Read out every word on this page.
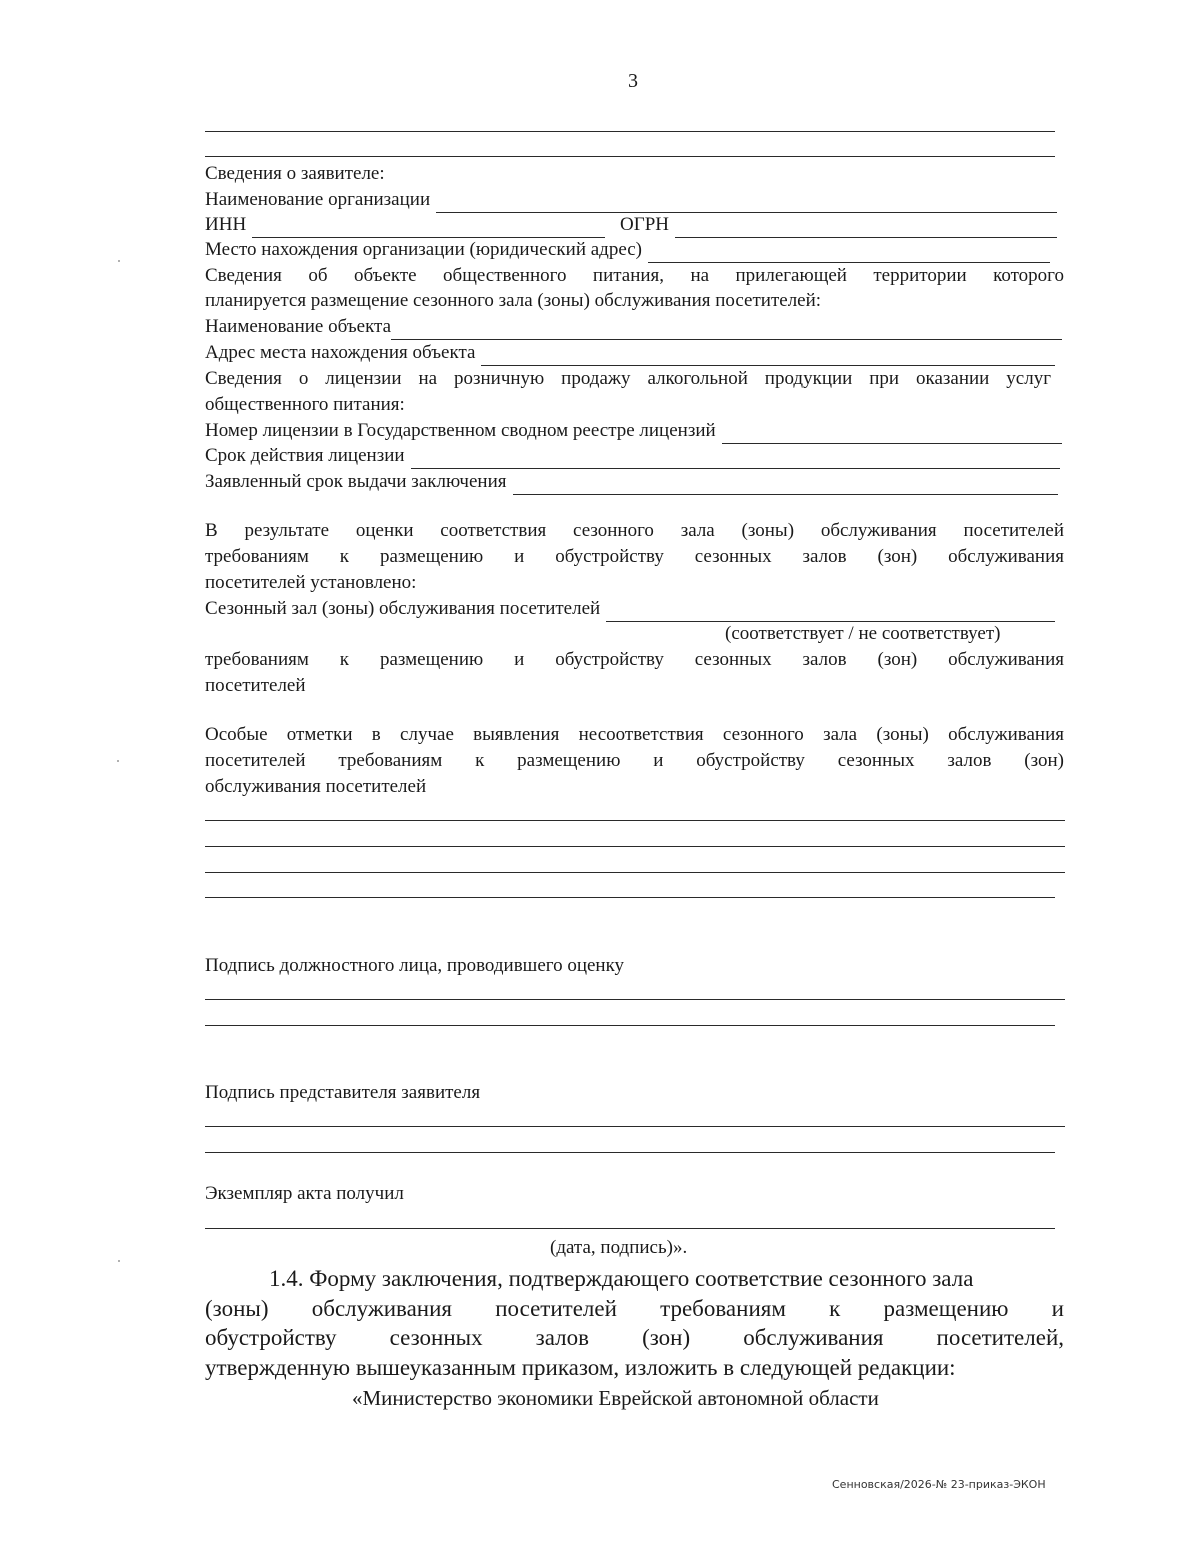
3
Сведения о заявителе:
Наименование организации
ИНН	ОГРН
Место нахождения организации (юридический адрес)
Сведения об объекте общественного питания, на прилегающей территории которого
планируется размещение сезонного зала (зоны) обслуживания посетителей:
Наименование объекта
Адрес места нахождения объекта
Сведения о лицензии на розничную продажу алкогольной продукции при оказании услуг
общественного питания:
Номер лицензии в Государственном сводном реестре лицензий
Срок действия лицензии
Заявленный срок выдачи заключения
В результате оценки соответствия сезонного зала (зоны) обслуживания посетителей
требованиям к размещению и обустройству сезонных залов (зон) обслуживания
посетителей установлено:
Сезонный зал (зоны) обслуживания посетителей
(соответствует / не соответствует)
требованиям к размещению и обустройству сезонных залов (зон) обслуживания
посетителей
Особые отметки в случае выявления несоответствия сезонного зала (зоны) обслуживания
посетителей требованиям к размещению и обустройству сезонных залов (зон)
обслуживания посетителей
Подпись должностного лица, проводившего оценку
Подпись представителя заявителя
Экземпляр акта получил
(дата, подпись)».
1.4. Форму заключения, подтверждающего соответствие сезонного зала
(зоны) обслуживания посетителей требованиям к размещению и
обустройству сезонных залов (зон) обслуживания посетителей,
утвержденную вышеуказанным приказом, изложить в следующей редакции:
«Министерство экономики Еврейской автономной области
Сенновская/2026-№ 23-приказ-ЭКОН
